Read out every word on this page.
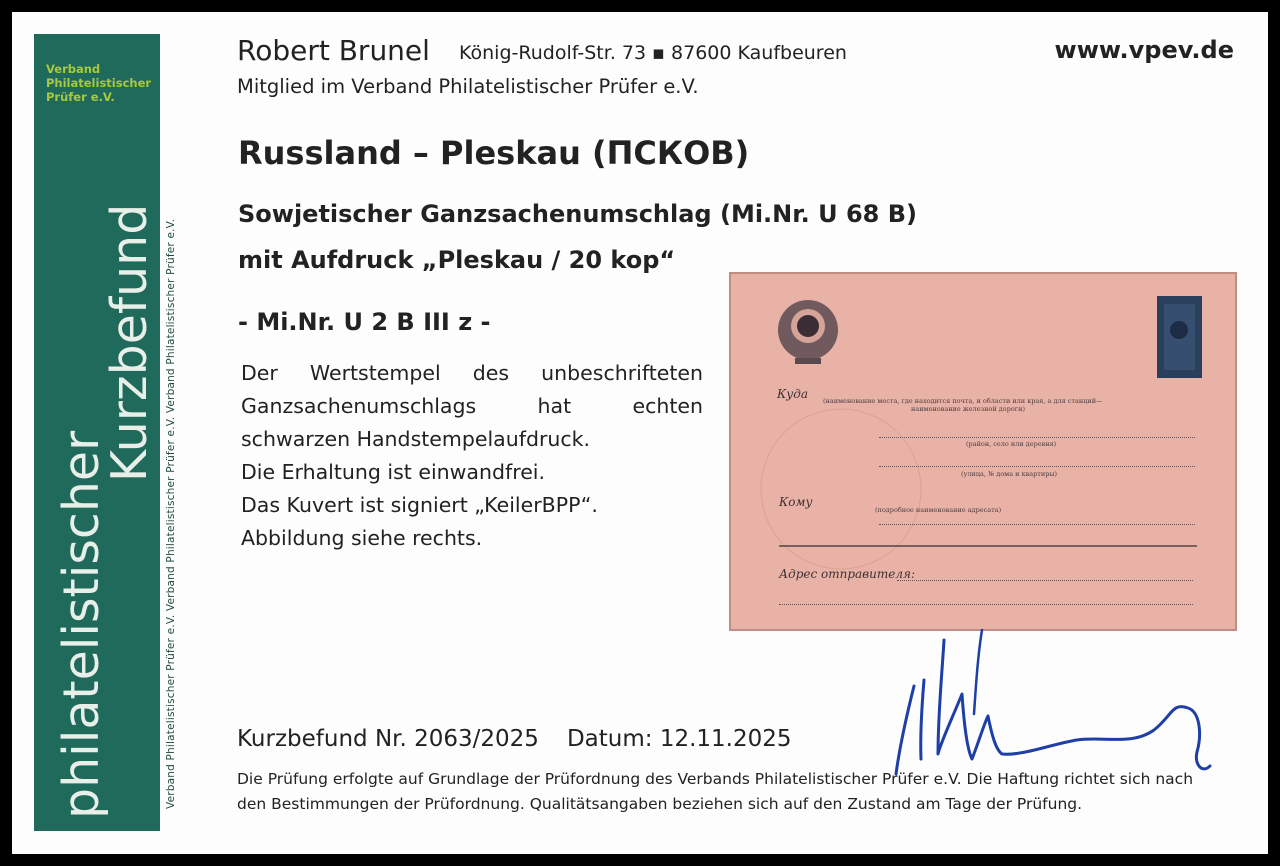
Verband
Philatelistischer
Prüfer e.V.
philatelistischer
Kurzbefund Verband Philatelistischer Prüfer e.V. Verband Philatelistischer Prüfer e.V. Verband Philatelistischer Prüfer e.V.
Robert Brunel König-Rudolf-Str. 73 ▪ 87600 Kaufbeuren	www.vpev.de
Mitglied im Verband Philatelistischer Prüfer e.V.
Russland – Pleskau (ПСКОВ)
Sowjetischer Ganzsachenumschlag (Mi.Nr. U 68 B)
mit Aufdruck „Pleskau / 20 kop“
- Mi.Nr. U 2 B III z -
Der Wertstempel des unbeschrifteten
Ganzsachenumschlags hat echten
schwarzen Handstempelaufdruck.
Die Erhaltung ist einwandfrei.
Das Kuvert ist signiert „KeilerBPP“.
Abbildung siehe rechts.
Куда (наименование места, где находится почта, и области или края, а для станций—
наименование железной дороги)
(район, село или деревня)
(улица, № дома и квартиры)
Кому
(подробное наименование адресата)
Адрес отправителя:
Kurzbefund Nr. 2063/2025 Datum: 12.11.2025
Die Prüfung erfolgte auf Grundlage der Prüfordnung des Verbands Philatelistischer Prüfer e.V. Die Haftung richtet sich nach den Bestimmungen der Prüfordnung. Qualitätsangaben beziehen sich auf den Zustand am Tage der Prüfung.
